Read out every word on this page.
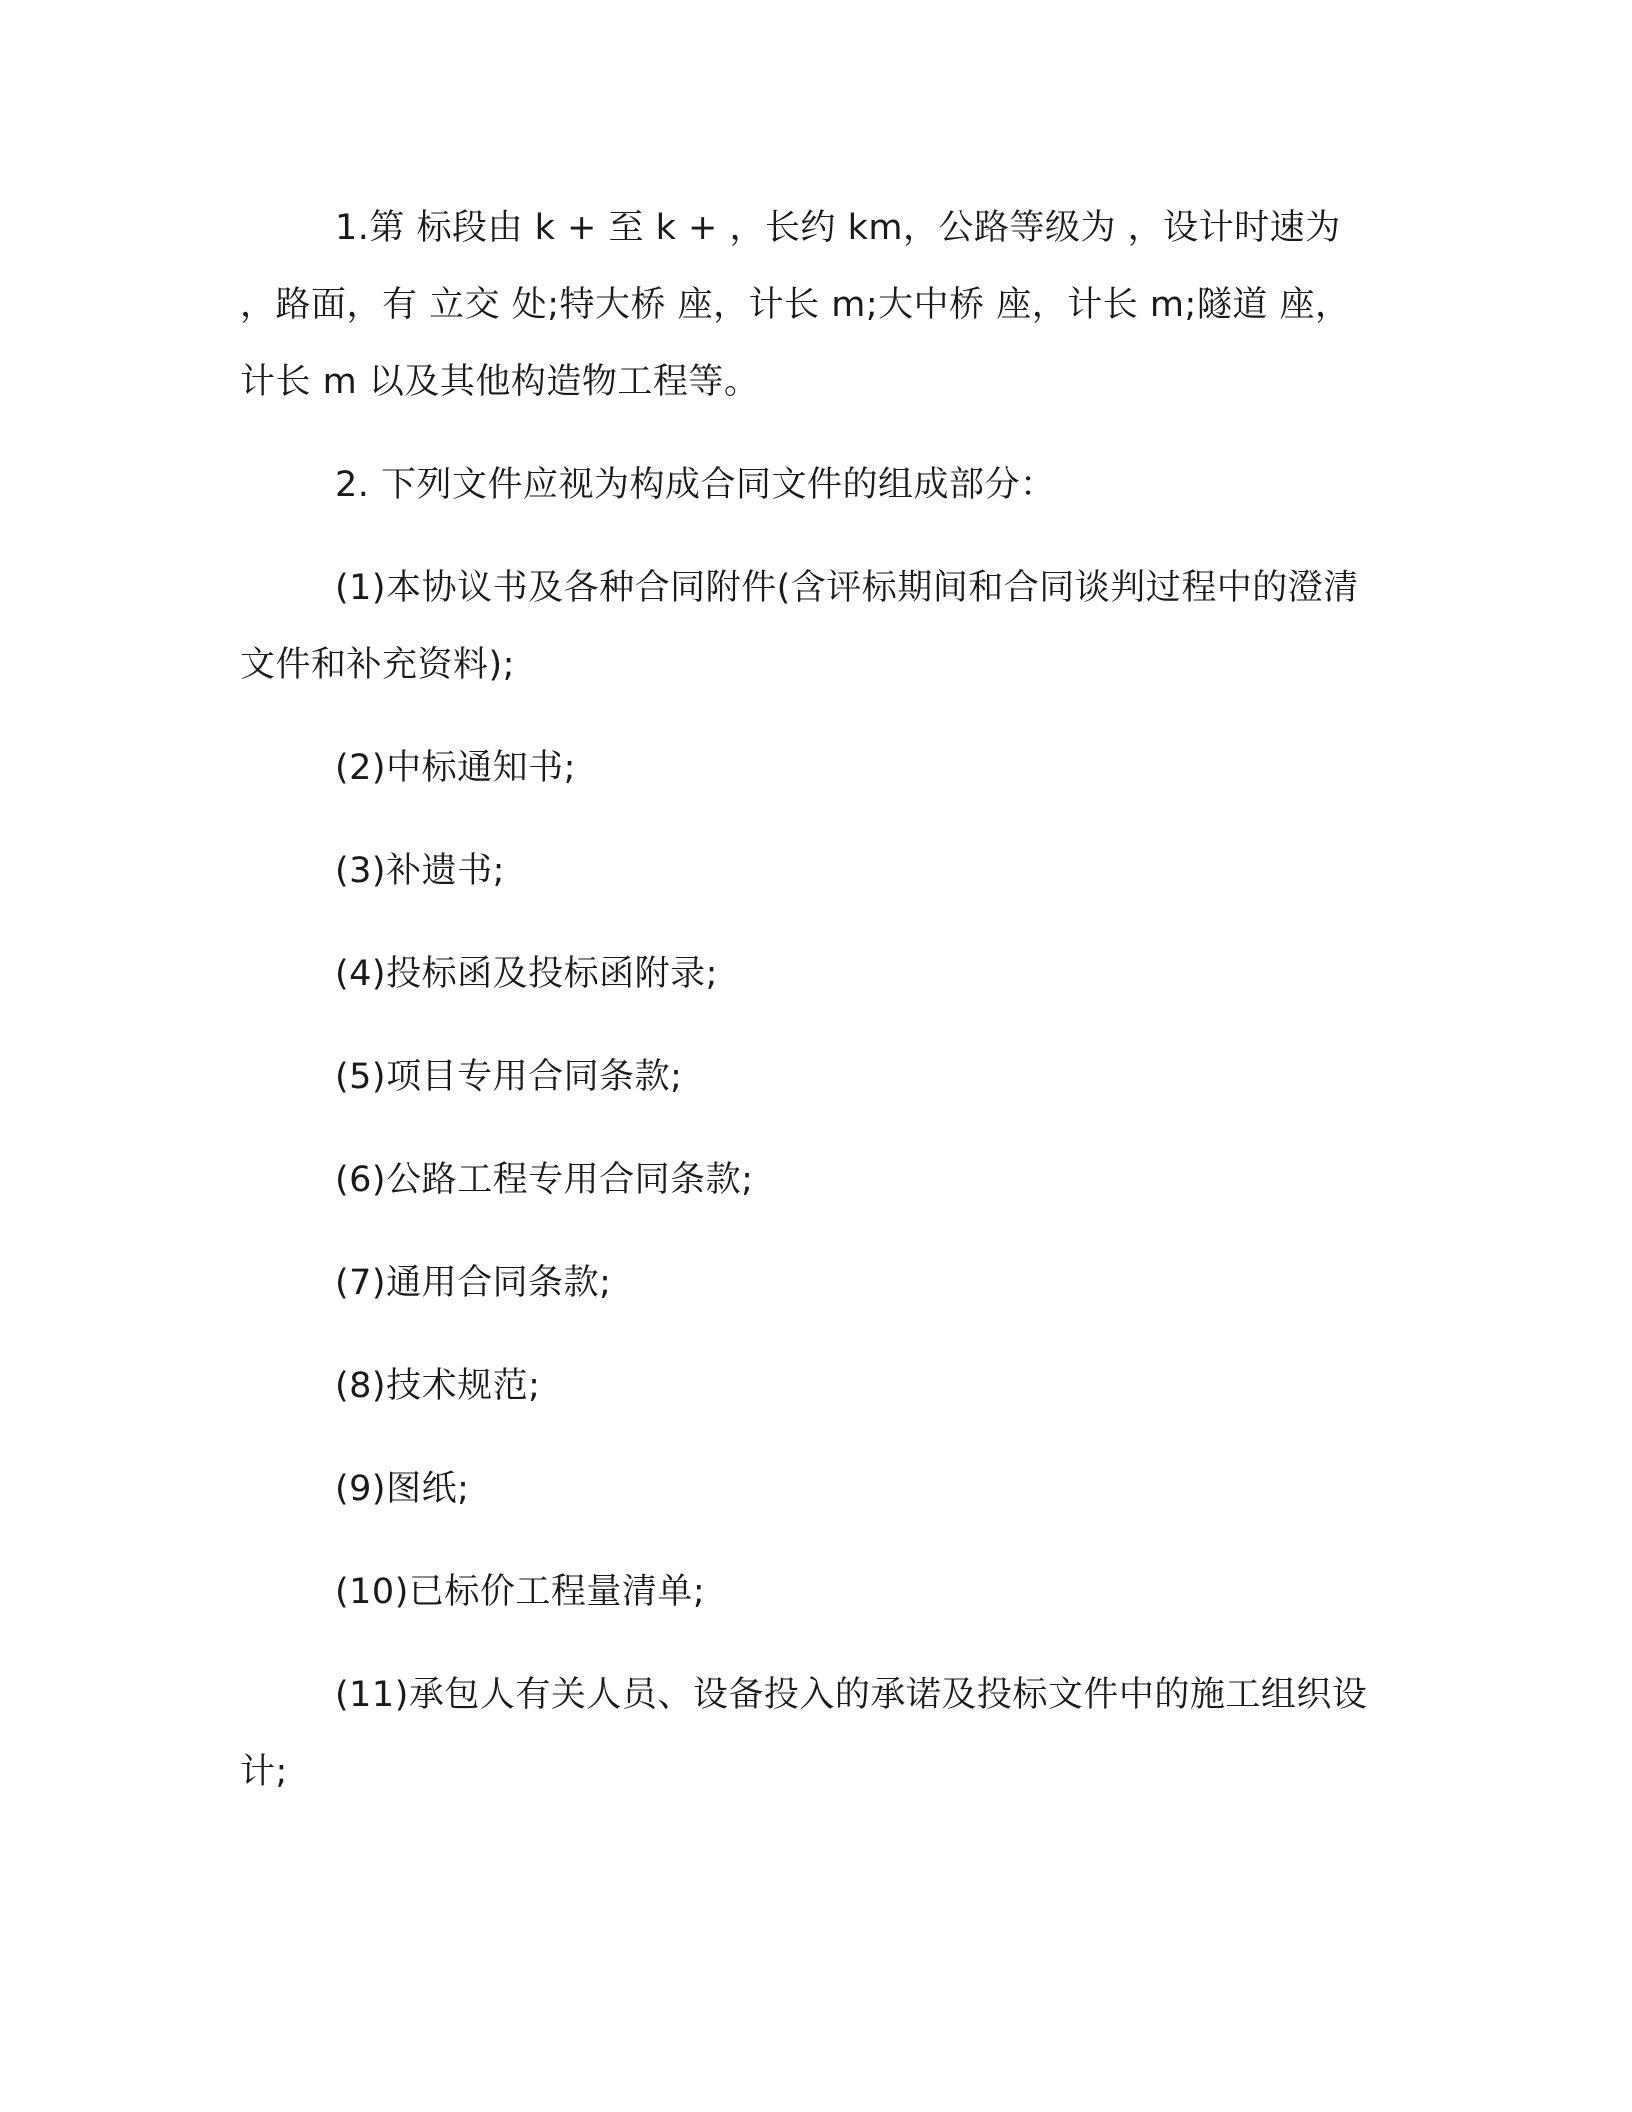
1.第 标段由 k + 至 k + ，长约 km，公路等级为 ，设计时速为 ，路面，有 立交 处;特大桥 座，计长 m;大中桥 座，计长 m;隧道 座，计长 m 以及其他构造物工程等。

2. 下列文件应视为构成合同文件的组成部分：

(1)本协议书及各种合同附件(含评标期间和合同谈判过程中的澄清文件和补充资料);

(2)中标通知书;

(3)补遗书;

(4)投标函及投标函附录;

(5)项目专用合同条款;

(6)公路工程专用合同条款;

(7)通用合同条款;

(8)技术规范;

(9)图纸;

(10)已标价工程量清单;

(11)承包人有关人员、设备投入的承诺及投标文件中的施工组织设计;
